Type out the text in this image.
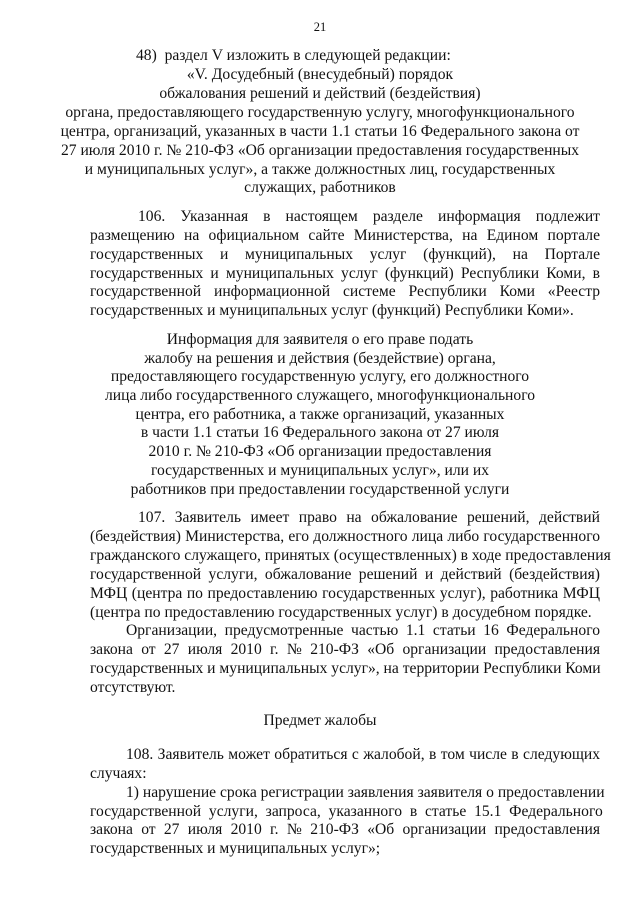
21
48)  раздел V изложить в следующей редакции:
«V. Досудебный (внесудебный) порядок
обжалования решений и действий (бездействия)
органа, предоставляющего государственную услугу, многофункционального
центра, организаций, указанных в части 1.1 статьи 16 Федерального закона от
27 июля 2010 г. № 210-ФЗ «Об организации предоставления государственных
и муниципальных услуг», а также должностных лиц, государственных
служащих, работников
106.   Указанная   в   настоящем   разделе   информация   подлежит
размещению на официальном сайте Министерства, на Едином портале
государственных   и   муниципальных   услуг   (функций),   на   Портале
государственных и муниципальных услуг (функций) Республики Коми, в
государственной информационной системе Республики Коми «Реестр
государственных и муниципальных услуг (функций) Республики Коми».
Информация для заявителя о его праве подать
жалобу на решения и действия (бездействие) органа,
предоставляющего государственную услугу, его должностного
лица либо государственного служащего, многофункционального
центра, его работника, а также организаций, указанных
в части 1.1 статьи 16 Федерального закона от 27 июля
2010 г. № 210-ФЗ «Об организации предоставления
государственных и муниципальных услуг», или их
работников при предоставлении государственной услуги
107.  Заявитель  имеет  право  на  обжалование  решений,  действий
(бездействия) Министерства, его должностного лица либо государственного
гражданского служащего, принятых (осуществленных) в ходе предоставления
государственной услуги, обжалование решений и действий (бездействия)
МФЦ (центра по предоставлению государственных услуг), работника МФЦ
(центра по предоставлению государственных услуг) в досудебном порядке.
Организации, предусмотренные частью 1.1 статьи 16 Федерального
закона  от  27  июля  2010  г.  №  210-ФЗ  «Об  организации  предоставления
государственных и муниципальных услуг», на территории Республики Коми
отсутствуют.
Предмет жалобы
108. Заявитель может обратиться с жалобой, в том числе в следующих
случаях:
1) нарушение срока регистрации заявления заявителя о предоставлении
государственной  услуги,  запроса,  указанного  в  статье  15.1  Федерального
закона  от  27  июля  2010  г.  №  210-ФЗ  «Об  организации  предоставления
государственных и муниципальных услуг»;
